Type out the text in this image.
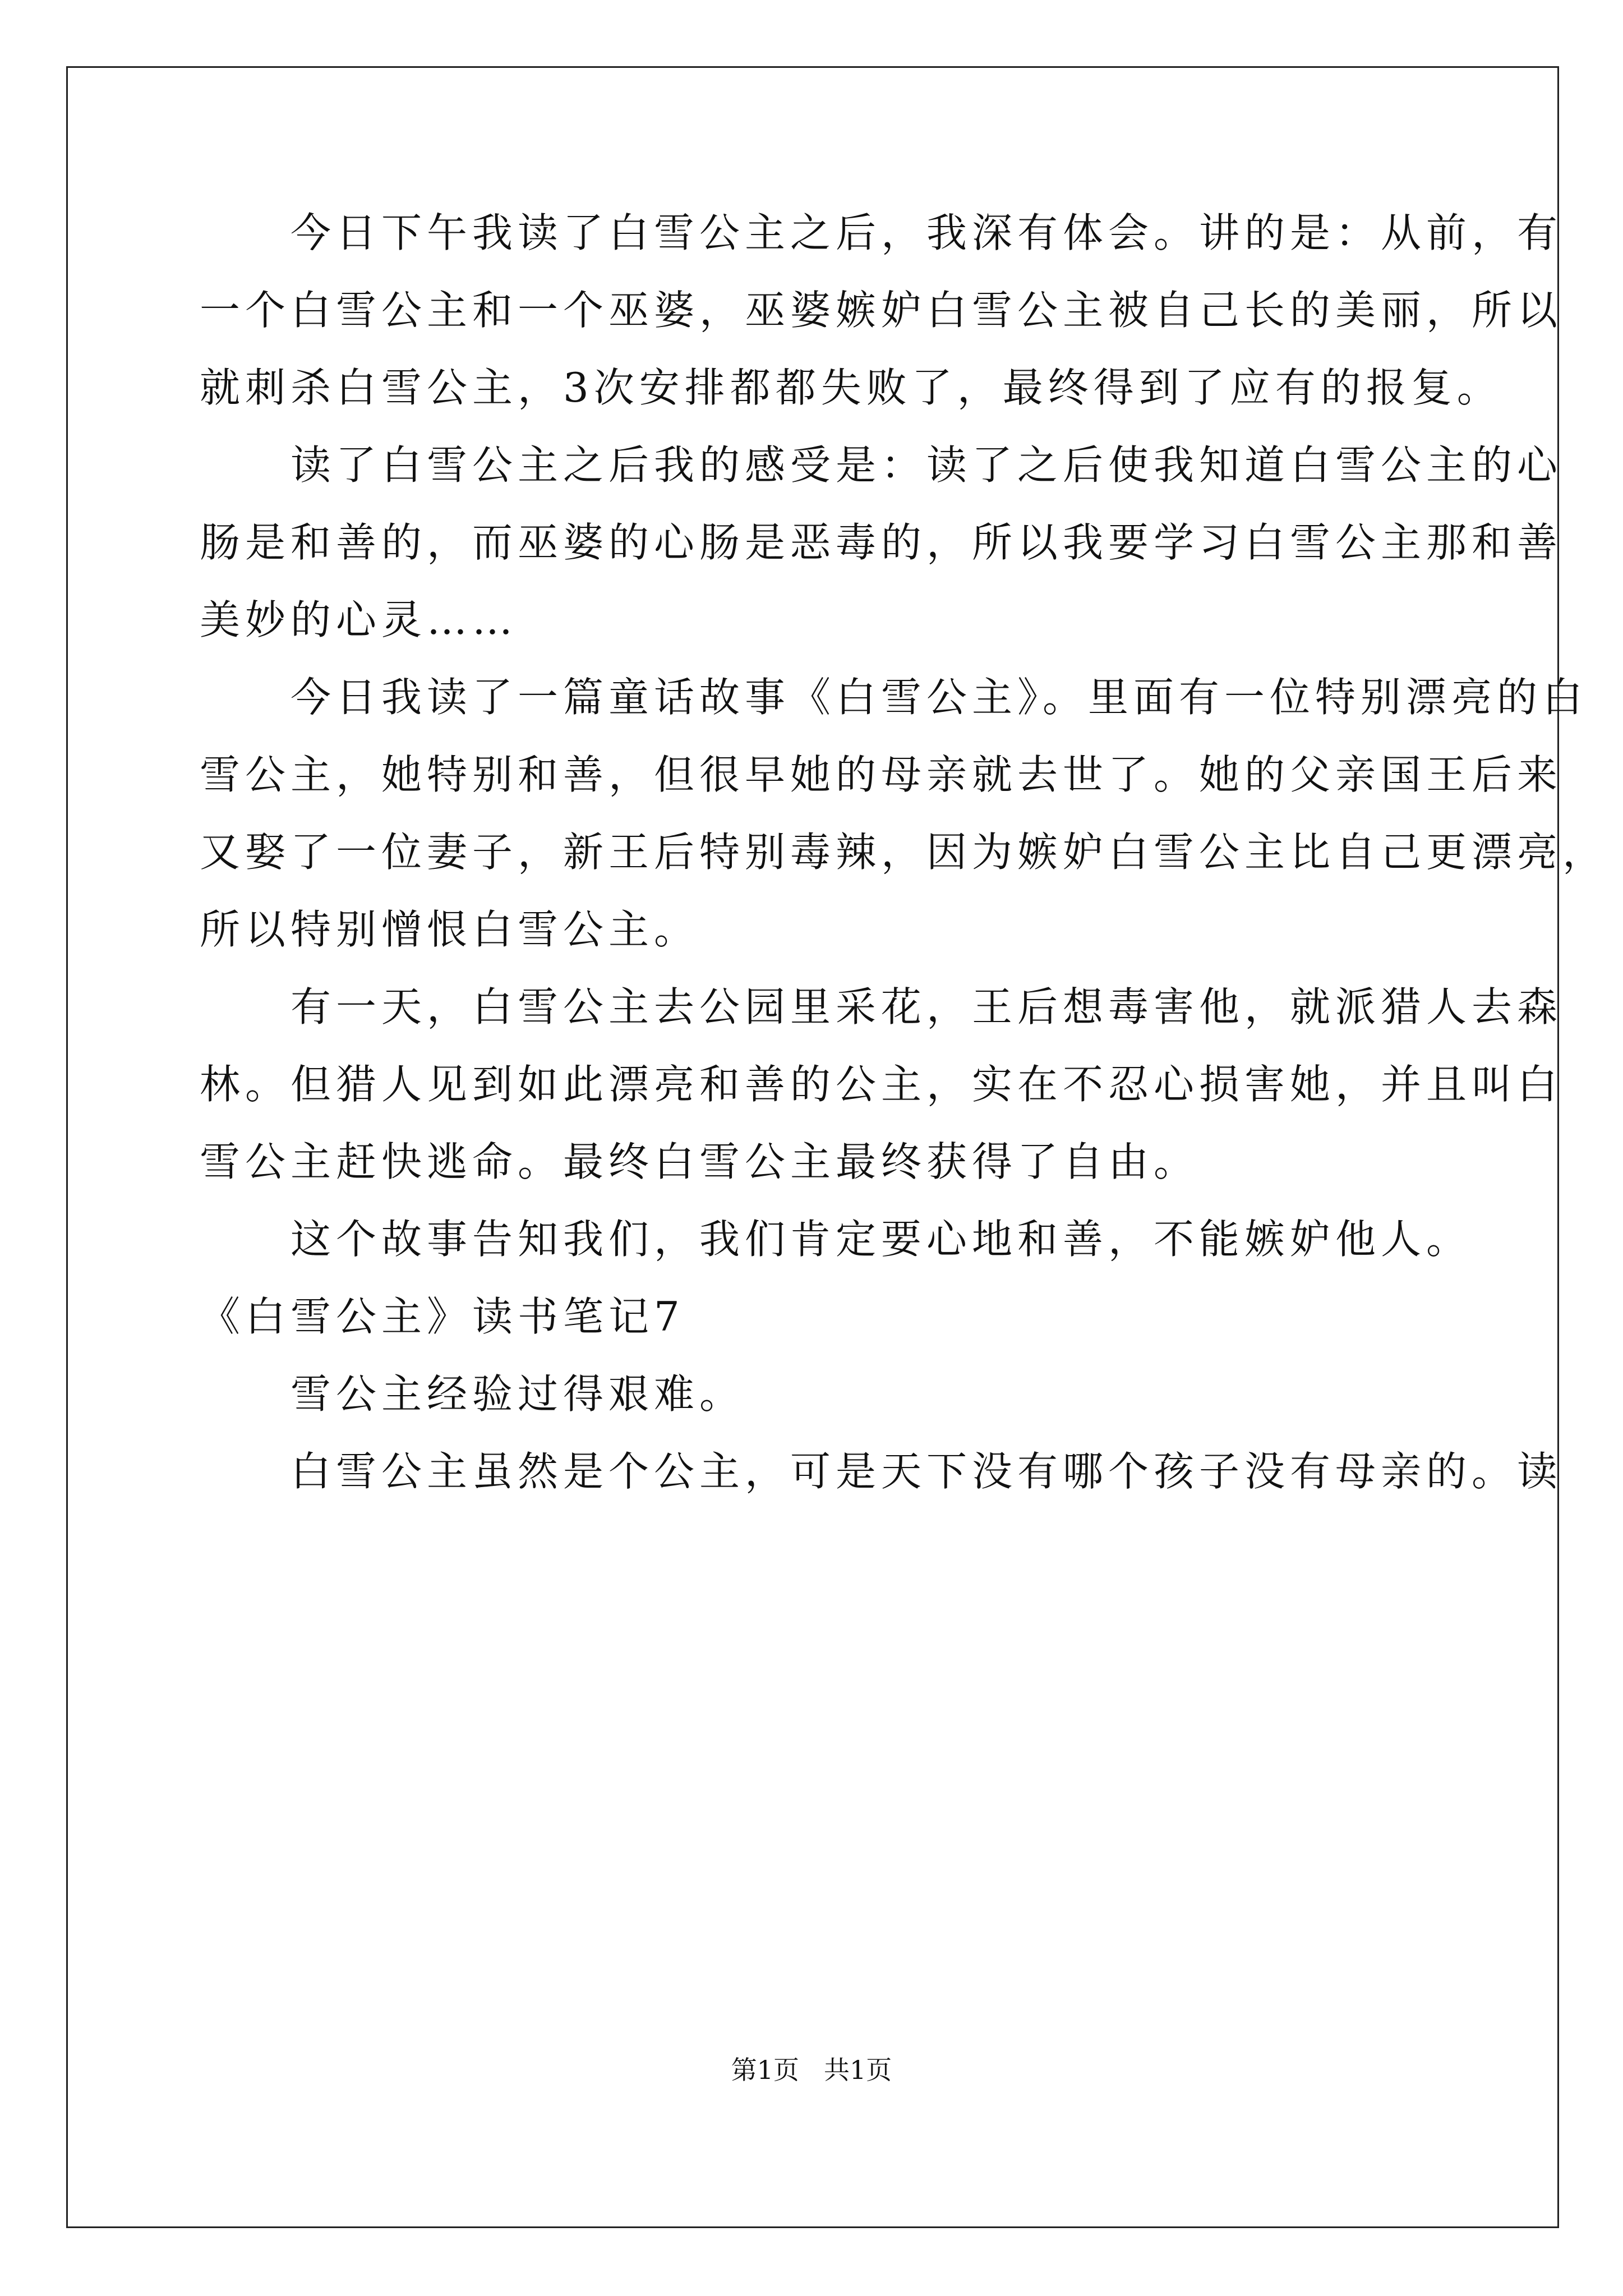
　　今日下午我读了白雪公主之后，我深有体会。讲的是：从前，有
一个白雪公主和一个巫婆，巫婆嫉妒白雪公主被自己长的美丽，所以
就刺杀白雪公主，3次安排都都失败了，最终得到了应有的报复。
　　读了白雪公主之后我的感受是：读了之后使我知道白雪公主的心
肠是和善的，而巫婆的心肠是恶毒的，所以我要学习白雪公主那和善
美妙的心灵……
　　今日我读了一篇童话故事《白雪公主》。里面有一位特别漂亮的白
雪公主，她特别和善，但很早她的母亲就去世了。她的父亲国王后来
又娶了一位妻子，新王后特别毒辣，因为嫉妒白雪公主比自己更漂亮，
所以特别憎恨白雪公主。
　　有一天，白雪公主去公园里采花，王后想毒害他，就派猎人去森
林。但猎人见到如此漂亮和善的公主，实在不忍心损害她，并且叫白
雪公主赶快逃命。最终白雪公主最终获得了自由。
　　这个故事告知我们，我们肯定要心地和善，不能嫉妒他人。
《白雪公主》读书笔记7
　　雪公主经验过得艰难。
　　白雪公主虽然是个公主，可是天下没有哪个孩子没有母亲的。读
第1页 共1页
